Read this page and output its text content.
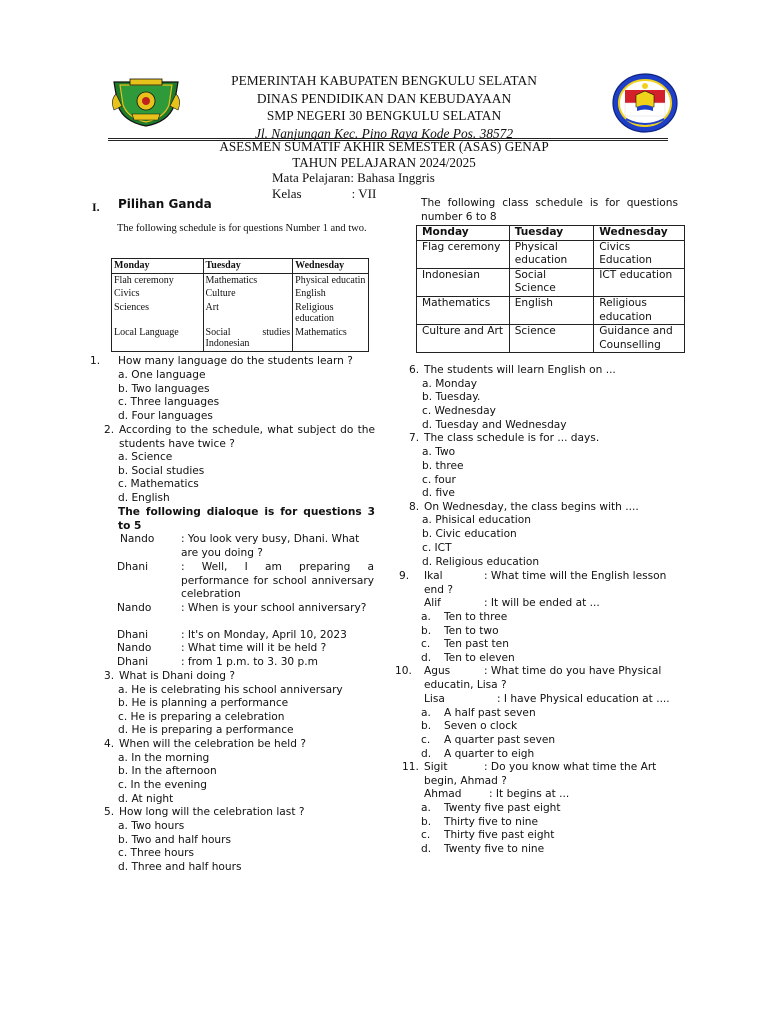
PEMERINTAH KABUPATEN BENGKULU SELATAN
DINAS PENDIDIKAN DAN KEBUDAYAAN
SMP NEGERI 30 BENGKULU SELATAN
Jl. Nanjungan Kec. Pino Raya Kode Pos. 38572
ASESMEN SUMATIF AKHIR SEMESTER (ASAS) GENAP
TAHUN PELAJARAN 2024/2025
Mata Pelajaran: Bahasa Inggris
Kelas	: VII
I. Pilihan Ganda
The following schedule is for questions Number 1 and two.
Monday	Tuesday	Wednesday
Flah ceremony	Mathematics	Physical educatin
Civics	Culture	English
Sciences	Art	Religious education
Local Language	Social studies Indonesian	Mathematics
1. How many language do the students learn ?
a. One language
b. Two languages
c. Three languages
d. Four languages
2. According to the schedule, what subject do the students have twice ?
a. Science
b. Social studies
c. Mathematics
d. English
The following dialoque is for questions 3 to 5
Nando	: You look very busy, Dhani. What are you doing ?
Dhani	: Well, I am preparing a performance for school anniversary celebration
Nando	: When is your school anniversary?
Dhani	: It's on Monday, April 10, 2023
Nando	: What time will it be held ?
Dhani	: from 1 p.m. to 3. 30 p.m
3. What is Dhani doing ?
a. He is celebrating his school anniversary
b. He is planning a performance
c. He is preparing a celebration
d. He is preparing a performance
4. When will the celebration be held ?
a. In the morning
b. In the afternoon
c. In the evening
d. At night
5. How long will the celebration last ?
a. Two hours
b. Two and half hours
c. Three hours
d. Three and half hours
The following class schedule is for questions number 6 to 8
Monday	Tuesday	Wednesday
Flag ceremony	Physical education	Civics Education
Indonesian	Social Science	ICT education
Mathematics	English	Religious education
Culture and Art	Science	Guidance and Counselling
6. The students will learn English on ...
a. Monday
b. Tuesday.
c. Wednesday
d. Tuesday and Wednesday
7. The class schedule is for ... days.
a. Two
b. three
c. four
d. five
8. On Wednesday, the class begins with ....
a. Phisical education
b. Civic education
c. ICT
d. Religious education
9. Ikal	: What time will the English lesson end ?
Alif	: It will be ended at ...
a. Ten to three
b. Ten to two
c. Ten past ten
d. Ten to eleven
10. Agus	: What time do you have Physical educatin, Lisa ?
Lisa	: I have Physical education at ....
a. A half past seven
b. Seven o clock
c. A quarter past seven
d. A quarter to eigh
11. Sigit	: Do you know what time the Art begin, Ahmad ?
Ahmad	: It begins at ...
a. Twenty five past eight
b. Thirty five to nine
c. Thirty five past eight
d. Twenty five to nine
